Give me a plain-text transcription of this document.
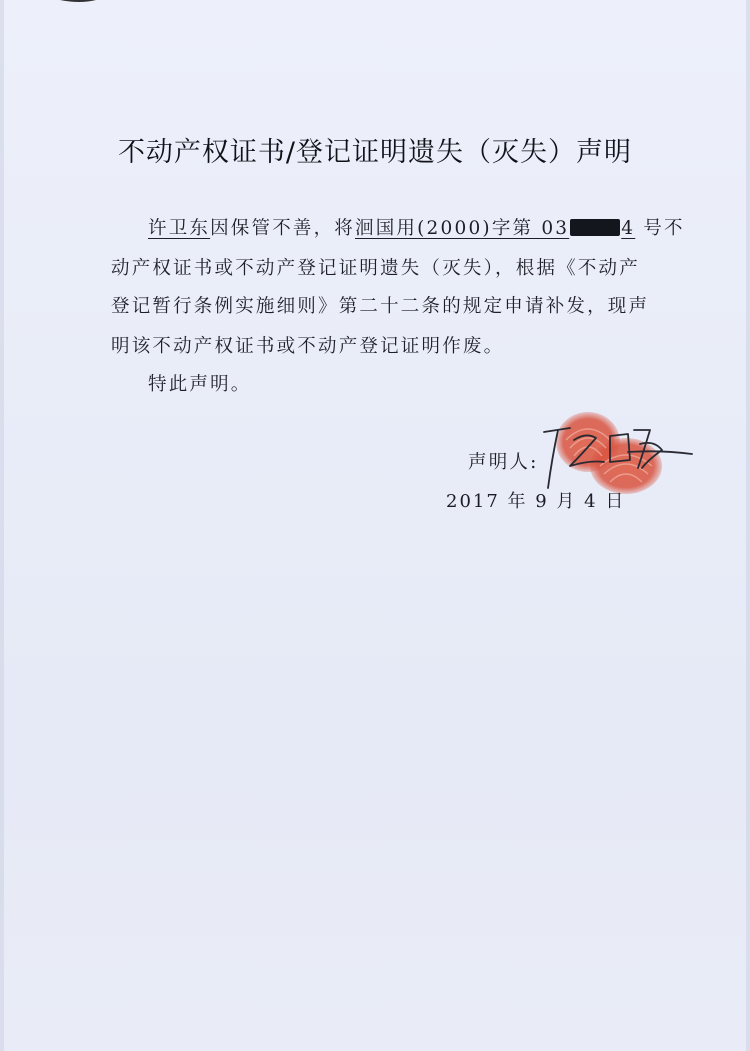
不动产权证书/登记证明遗失（灭失）声明
许卫东因保管不善，将洄国用(2000)字第 03	4 号不
动产权证书或不动产登记证明遗失（灭失），根据《不动产
登记暂行条例实施细则》第二十二条的规定申请补发，现声
明该不动产权证书或不动产登记证明作废。
特此声明。
声明人:
2017 年 9 月 4 日
